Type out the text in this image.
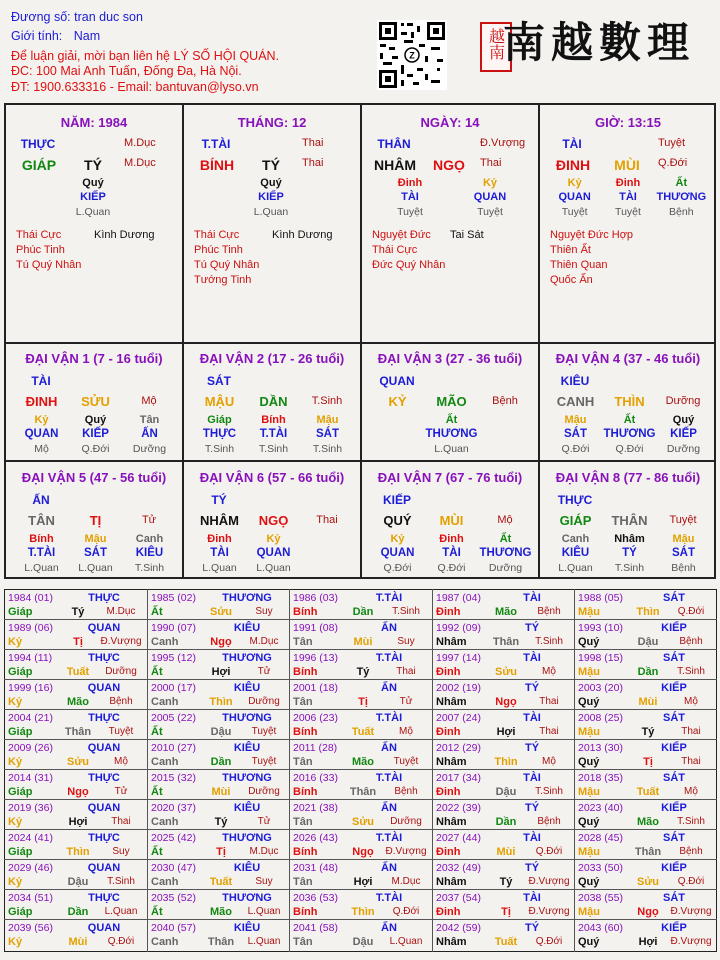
Đương số: tran duc son
Giới tính: Nam
Để luận giải, mời bạn liên hệ LÝ SỐ HỘI QUÁN.
ĐC: 100 Mai Anh Tuấn, Đống Đa, Hà Nội.
ĐT: 1900.633316 - Email: bantuvan@lyso.vn
Z	越南
南越數理
NĂM: 1984
THỰC	M.Dục
GIÁP	TÝ	M.Dục
Quý
KIẾP
L.Quan
Thái Cực
Phúc Tinh
Tú Quý Nhân
Kình Dương
THÁNG: 12
T.TÀI	Thai
BÍNH	TÝ	Thai
Quý
KIẾP
L.Quan
Thái Cực
Phúc Tinh
Tú Quý Nhân
Tướng Tinh
Kình Dương
NGÀY: 14
THÂN	Đ.Vượng
NHÂM	NGỌ	Thai
Đinh
TÀI
Tuyệt
Kỷ
QUAN
Tuyệt
Nguyệt Đức
Thái Cực
Đức Quý Nhân
Tai Sát
GIỜ: 13:15
TÀI	Tuyệt
ĐINH	MÙI	Q.Đới
Kỷ
QUAN
Tuyệt
Đinh
TÀI
Tuyệt
Ất
THƯƠNG
Bệnh
Nguyệt Đức Hợp
Thiên Ất
Thiên Quan
Quốc Ấn
ĐẠI VẬN 1 (7 - 16 tuổi)
TÀI
ĐINH	SỬU	Mộ
Kỷ
QUAN
Mộ
Quý
KIẾP
Q.Đới
Tân
ẤN
Dưỡng
ĐẠI VẬN 2 (17 - 26 tuổi)
SÁT
MẬU	DẦN	T.Sinh
Giáp
THỰC
T.Sinh
Bính
T.TÀI
T.Sinh
Mậu
SÁT
T.Sinh
ĐẠI VẬN 3 (27 - 36 tuổi)
QUAN
KỶ	MÃO	Bệnh
Ất
THƯƠNG
L.Quan
ĐẠI VẬN 4 (37 - 46 tuổi)
KIÊU
CANH	THÌN	Dưỡng
Mậu
SÁT
Q.Đới
Ất
THƯƠNG
Q.Đới
Quý
KIẾP
Dưỡng
ĐẠI VẬN 5 (47 - 56 tuổi)
ẤN
TÂN	TỊ	Tử
Bính
T.TÀI
L.Quan
Mậu
SÁT
L.Quan
Canh
KIÊU
T.Sinh
ĐẠI VẬN 6 (57 - 66 tuổi)
TÝ
NHÂM	NGỌ	Thai
Đinh
TÀI
L.Quan
Kỷ
QUAN
L.Quan
ĐẠI VẬN 7 (67 - 76 tuổi)
KIẾP
QUÝ	MÙI	Mộ
Kỷ
QUAN
Q.Đới
Đinh
TÀI
Q.Đới
Ất
THƯƠNG
Dưỡng
ĐẠI VẬN 8 (77 - 86 tuổi)
THỰC
GIÁP	THÂN	Tuyệt
Canh
KIÊU
L.Quan
Nhâm
TÝ
T.Sinh
Mậu
SÁT
Bệnh
1984 (01)	THỰC
Giáp	Tý	M.Dục
1985 (02)	THƯƠNG
Ất	Sửu	Suy
1986 (03)	T.TÀI
Bính	Dần	T.Sinh
1987 (04)	TÀI
Đinh	Mão	Bệnh
1988 (05)	SÁT
Mậu	Thìn	Q.Đới
1989 (06)	QUAN
Kỷ	Tị	Đ.Vượng
1990 (07)	KIÊU
Canh	Ngọ	M.Dục
1991 (08)	ẤN
Tân	Mùi	Suy
1992 (09)	TÝ
Nhâm	Thân	T.Sinh
1993 (10)	KIẾP
Quý	Dậu	Bệnh
1994 (11)	THỰC
Giáp	Tuất	Dưỡng
1995 (12)	THƯƠNG
Ất	Hợi	Tử
1996 (13)	T.TÀI
Bính	Tý	Thai
1997 (14)	TÀI
Đinh	Sửu	Mộ
1998 (15)	SÁT
Mậu	Dần	T.Sinh
1999 (16)	QUAN
Kỷ	Mão	Bệnh
2000 (17)	KIÊU
Canh	Thìn	Dưỡng
2001 (18)	ẤN
Tân	Tị	Tử
2002 (19)	TÝ
Nhâm	Ngọ	Thai
2003 (20)	KIẾP
Quý	Mùi	Mộ
2004 (21)	THỰC
Giáp	Thân	Tuyệt
2005 (22)	THƯƠNG
Ất	Dậu	Tuyệt
2006 (23)	T.TÀI
Bính	Tuất	Mộ
2007 (24)	TÀI
Đinh	Hợi	Thai
2008 (25)	SÁT
Mậu	Tý	Thai
2009 (26)	QUAN
Kỷ	Sửu	Mộ
2010 (27)	KIÊU
Canh	Dần	Tuyệt
2011 (28)	ẤN
Tân	Mão	Tuyệt
2012 (29)	TÝ
Nhâm	Thìn	Mộ
2013 (30)	KIẾP
Quý	Tị	Thai
2014 (31)	THỰC
Giáp	Ngọ	Tử
2015 (32)	THƯƠNG
Ất	Mùi	Dưỡng
2016 (33)	T.TÀI
Bính	Thân	Bệnh
2017 (34)	TÀI
Đinh	Dậu	T.Sinh
2018 (35)	SÁT
Mậu	Tuất	Mộ
2019 (36)	QUAN
Kỷ	Hợi	Thai
2020 (37)	KIÊU
Canh	Tý	Tử
2021 (38)	ẤN
Tân	Sửu	Dưỡng
2022 (39)	TÝ
Nhâm	Dần	Bệnh
2023 (40)	KIẾP
Quý	Mão	T.Sinh
2024 (41)	THỰC
Giáp	Thìn	Suy
2025 (42)	THƯƠNG
Ất	Tị	M.Dục
2026 (43)	T.TÀI
Bính	Ngọ	Đ.Vượng
2027 (44)	TÀI
Đinh	Mùi	Q.Đới
2028 (45)	SÁT
Mậu	Thân	Bệnh
2029 (46)	QUAN
Kỷ	Dậu	T.Sinh
2030 (47)	KIÊU
Canh	Tuất	Suy
2031 (48)	ẤN
Tân	Hợi	M.Dục
2032 (49)	TÝ
Nhâm	Tý	Đ.Vượng
2033 (50)	KIẾP
Quý	Sửu	Q.Đới
2034 (51)	THỰC
Giáp	Dần	L.Quan
2035 (52)	THƯƠNG
Ất	Mão	L.Quan
2036 (53)	T.TÀI
Bính	Thìn	Q.Đới
2037 (54)	TÀI
Đinh	Tị	Đ.Vượng
2038 (55)	SÁT
Mậu	Ngọ	Đ.Vượng
2039 (56)	QUAN
Kỷ	Mùi	Q.Đới
2040 (57)	KIÊU
Canh	Thân	L.Quan
2041 (58)	ẤN
Tân	Dậu	L.Quan
2042 (59)	TÝ
Nhâm	Tuất	Q.Đới
2043 (60)	KIẾP
Quý	Hợi	Đ.Vượng
